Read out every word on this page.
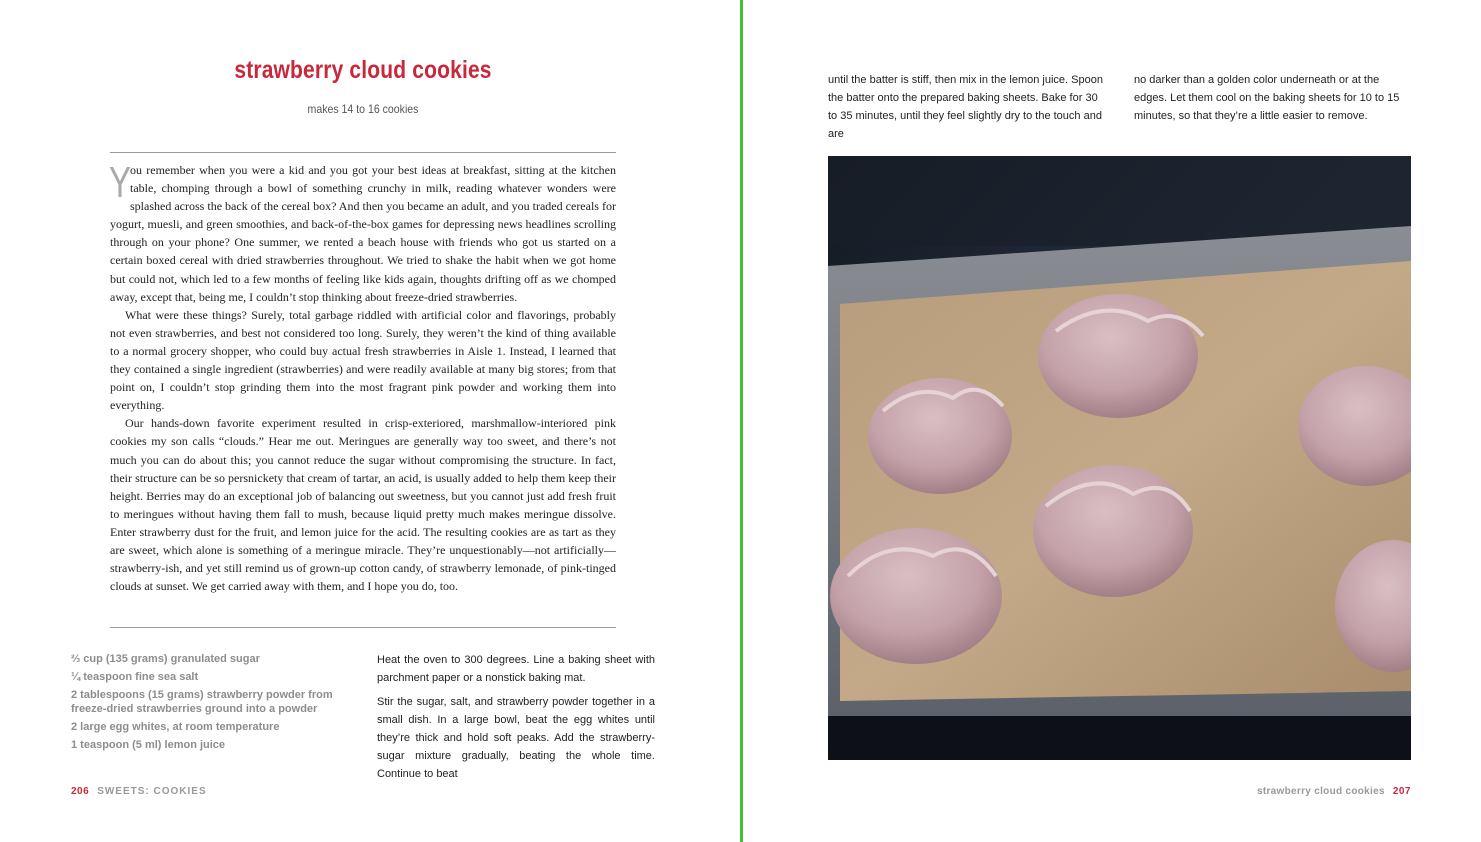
strawberry cloud cookies
makes 14 to 16 cookies

Y
ou remember when you were a kid and you got your best ideas at breakfast, sitting at the kitchen table, chomping through a bowl of something crunchy in milk, reading whatever wonders were splashed across the back of the cereal box? And then you became an adult, and you traded cereals for yogurt, muesli, and green smoothies, and back-of-the-box games for depressing news headlines scrolling through on your phone? One summer, we rented a beach house with friends who got us started on a certain boxed cereal with dried strawberries throughout. We tried to shake the habit when we got home but could not, which led to a few months of feeling like kids again, thoughts drifting off as we chomped away, except that, being me, I couldn’t stop thinking about freeze-dried strawberries.

What were these things? Surely, total garbage riddled with artificial color and flavorings, probably not even strawberries, and best not considered too long. Surely, they weren’t the kind of thing available to a normal grocery shopper, who could buy actual fresh strawberries in Aisle 1. Instead, I learned that they contained a single ingredient (strawberries) and were readily available at many big stores; from that point on, I couldn’t stop grinding them into the most fragrant pink powder and working them into everything.

Our hands-down favorite experiment resulted in crisp-exteriored, marshmallow-interiored pink cookies my son calls “clouds.” Hear me out. Meringues are generally way too sweet, and there’s not much you can do about this; you cannot reduce the sugar without compromising the structure. In fact, their structure can be so persnickety that cream of tartar, an acid, is usually added to help them keep their height. Berries may do an exceptional job of balancing out sweetness, but you cannot just add fresh fruit to meringues without having them fall to mush, because liquid pretty much makes meringue dissolve. Enter strawberry dust for the fruit, and lemon juice for the acid. The resulting cookies are as tart as they are sweet, which alone is something of a meringue miracle. They’re unquestionably—not artificially—strawberry-ish, and yet still remind us of grown-up cotton candy, of strawberry lemonade, of pink-tinged clouds at sunset. We get carried away with them, and I hope you do, too.

⅔ cup (135 grams) granulated sugar
¼ teaspoon fine sea salt
2 tablespoons (15 grams) strawberry powder from freeze-dried strawberries ground into a powder
2 large egg whites, at room temperature
1 teaspoon (5 ml) lemon juice

Heat the oven to 300 degrees. Line a baking sheet with parchment paper or a nonstick baking mat.

Stir the sugar, salt, and strawberry powder together in a small dish. In a large bowl, beat the egg whites until they’re thick and hold soft peaks. Add the strawberry-sugar mixture gradually, beating the whole time. Continue to beat

206 SWEETS: COOKIES

until the batter is stiff, then mix in the lemon juice. Spoon the batter onto the prepared baking sheets. Bake for 30 to 35 minutes, until they feel slightly dry to the touch and are

no darker than a golden color underneath or at the edges. Let them cool on the baking sheets for 10 to 15 minutes, so that they’re a little easier to remove.

strawberry cloud cookies 207
